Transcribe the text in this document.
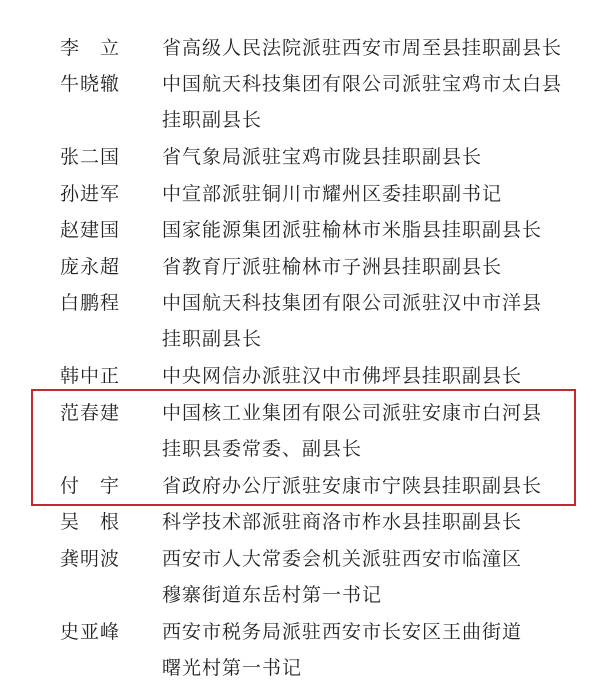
李　立 省高级人民法院派驻西安市周至县挂职副县长
牛晓辙 中国航天科技集团有限公司派驻宝鸡市太白县
挂职副县长
张二国 省气象局派驻宝鸡市陇县挂职副县长
孙进军 中宣部派驻铜川市耀州区委挂职副书记
赵建国 国家能源集团派驻榆林市米脂县挂职副县长
庞永超 省教育厅派驻榆林市子洲县挂职副县长
白鹏程 中国航天科技集团有限公司派驻汉中市洋县
挂职副县长
韩中正 中央网信办派驻汉中市佛坪县挂职副县长
范春建 中国核工业集团有限公司派驻安康市白河县
挂职县委常委、副县长
付　宇 省政府办公厅派驻安康市宁陕县挂职副县长
吴　根 科学技术部派驻商洛市柞水县挂职副县长
龚明波 西安市人大常委会机关派驻西安市临潼区
穆寨街道东岳村第一书记
史亚峰 西安市税务局派驻西安市长安区王曲街道
曙光村第一书记
